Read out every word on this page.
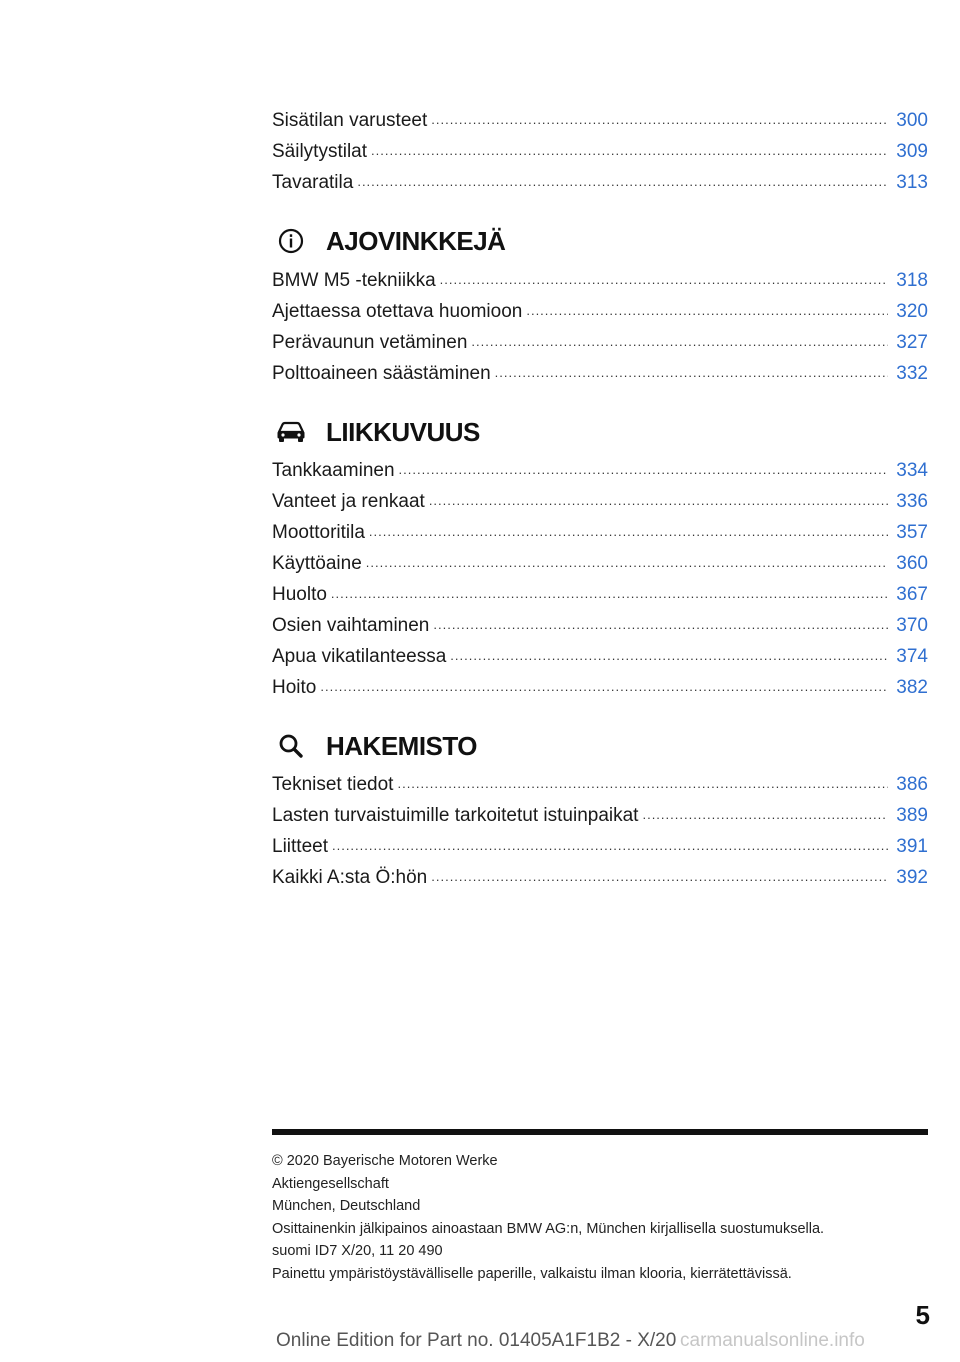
Sisätilan varusteet .....	300
Säilytystilat .....	309
Tavaratila .....	313
AJOVINKKEJÄ
BMW M5 -tekniikka .....	318
Ajettaessa otettava huomioon .....	320
Perävaunun vetäminen .....	327
Polttoaineen säästäminen .....	332
LIIKKUVUUS
Tankkaaminen .....	334
Vanteet ja renkaat .....	336
Moottoritila .....	357
Käyttöaine .....	360
Huolto .....	367
Osien vaihtaminen .....	370
Apua vikatilanteessa .....	374
Hoito .....	382
HAKEMISTO
Tekniset tiedot .....	386
Lasten turvaistuimille tarkoitetut istuinpaikat .....	389
Liitteet .....	391
Kaikki A:sta Ö:hön .....	392
© 2020 Bayerische Motoren Werke
Aktiengesellschaft
München, Deutschland
Osittainenkin jälkipainos ainoastaan BMW AG:n, München kirjallisella suostumuksella.
suomi ID7 X/20, 11 20 490
Painettu ympäristöystävälliselle paperille, valkaistu ilman klooria, kierrätettävissä.
5
Online Edition for Part no. 01405A1F1B2 - X/20 carmanualsonline.info
